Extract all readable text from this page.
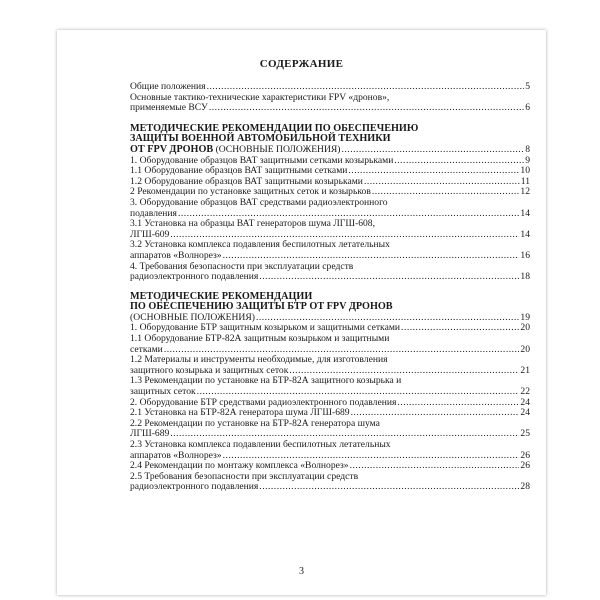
СОДЕРЖАНИЕ
Общие положения .....	5
Основные тактико-технические характеристики FPV «дронов»,
применяемые ВСУ .....	6
МЕТОДИЧЕСКИЕ РЕКОМЕНДАЦИИ ПО ОБЕСПЕЧЕНИЮ
ЗАЩИТЫ ВОЕННОЙ АВТОМОБИЛЬНОЙ ТЕХНИКИ
ОТ FPV ДРОНОВ (ОСНОВНЫЕ ПОЛОЖЕНИЯ) .....	8
1. Оборудование образцов ВАТ защитными сетками козырьками .....	9
1.1 Оборудование образцов ВАТ защитными сетками .....	10
1.2 Оборудование образцов ВАТ защитными козырьками .....	11
2 Рекомендации по установке защитных сеток и козырьков .....	12
3. Оборудование образцов ВАТ средствами радиоэлектронного
подавления .....	14
3.1 Установка на образцы ВАТ генераторов шума ЛГШ-608,
ЛГШ-609 .....	14
3.2 Установка комплекса подавления беспилотных летательных
аппаратов «Волнорез» .....	16
4. Требования безопасности при эксплуатации средств
радиоэлектронного подавления .....	18
МЕТОДИЧЕСКИЕ РЕКОМЕНДАЦИИ
ПО ОБЕСПЕЧЕНИЮ ЗАЩИТЫ БТР ОТ FPV ДРОНОВ
(ОСНОВНЫЕ ПОЛОЖЕНИЯ) .....	19
1. Оборудование БТР защитным козырьком и защитными сетками .....	20
1.1 Оборудование БТР-82А защитным козырьком и защитными
сетками .....	20
1.2 Материалы и инструменты необходимые, для изготовления
защитного козырька и защитных сеток .....	21
1.3 Рекомендации по установке на БТР-82А защитного козырька и
защитных сеток .....	22
2. Оборудование БТР средствами радиоэлектронного подавления .....	24
2.1 Установка на БТР-82А генератора шума ЛГШ-689 .....	24
2.2 Рекомендации по установке на БТР-82А генератора шума
ЛГШ-689 .....	25
2.3 Установка комплекса подавлении беспилотных летательных
аппаратов «Волнорез» .....	26
2.4 Рекомендации по монтажу комплекса «Волнорез» .....	26
2.5 Требования безопасности при эксплуатации средств
радиоэлектронного подавления .....	28
3
